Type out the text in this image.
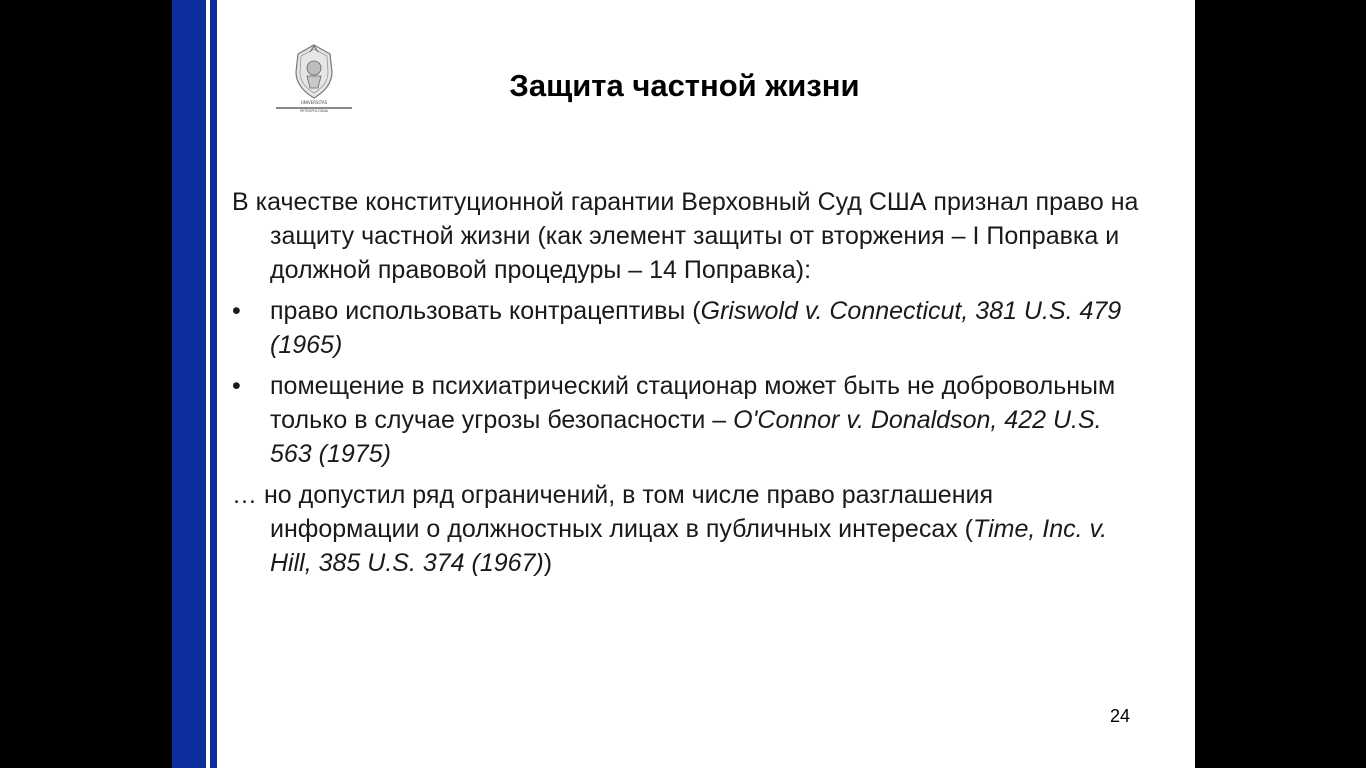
UNIVERSITAS
PETROPOLITANA
Защита частной жизни

В качестве конституционной гарантии Верховный Суд США признал право на защиту частной жизни (как элемент защиты от вторжения – I Поправка и должной правовой процедуры – 14 Поправка):

•	право использовать контрацептивы (Griswold v. Connecticut, 381 U.S. 479 (1965)
•	помещение в психиатрический стационар может быть не добровольным только в случае угрозы безопасности – O'Connor v. Donaldson, 422 U.S. 563 (1975)

… но допустил ряд ограничений, в том числе право разглашения информации о должностных лицах в публичных интересах (Time, Inc. v. Hill, 385 U.S. 374 (1967))

24
